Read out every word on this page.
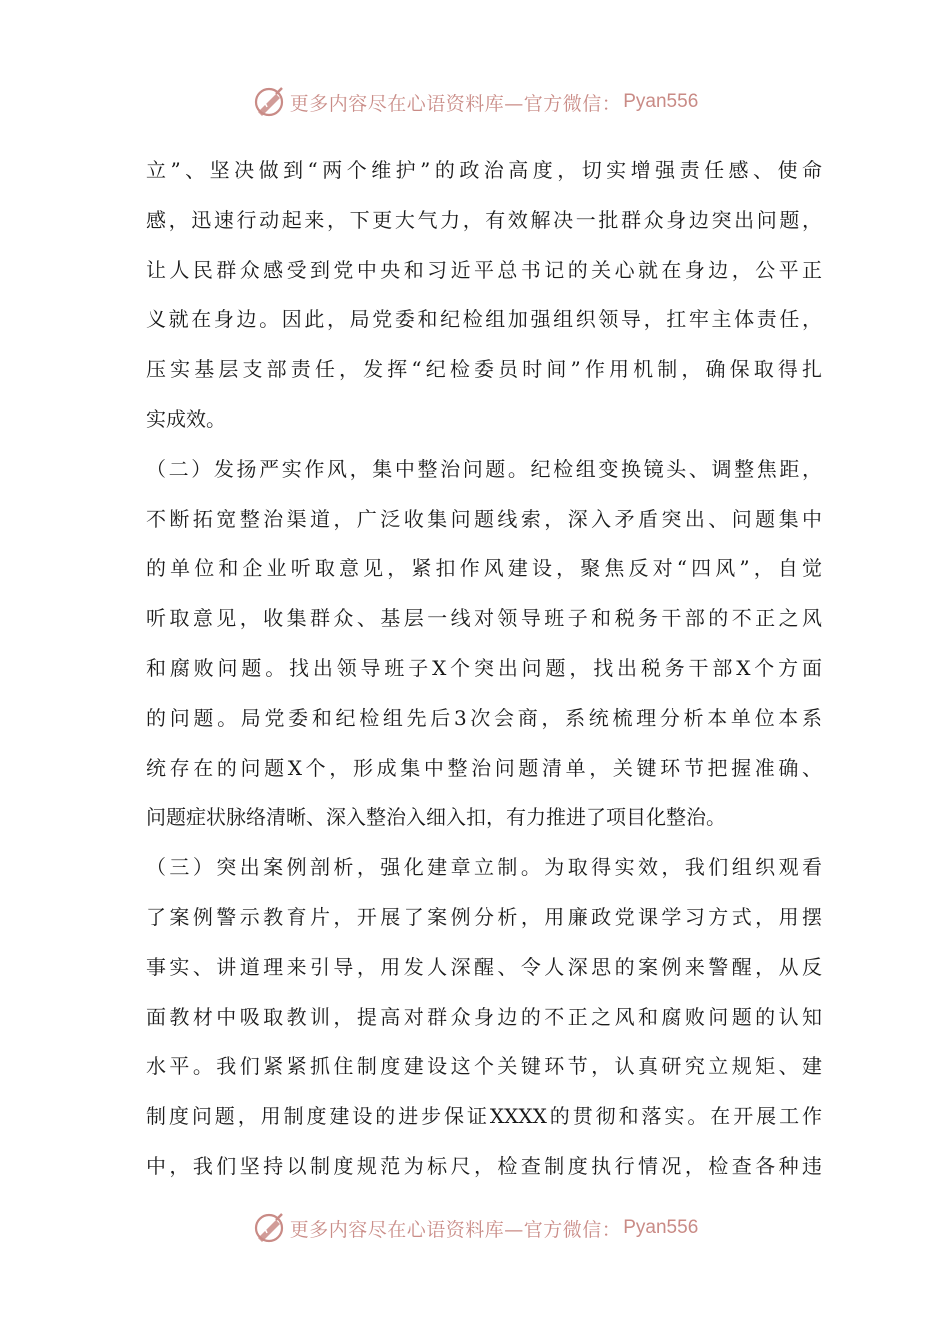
更多内容尽在心语资料库—官方微信： Pyan556
立”、坚决做到“两个维护”的政治高度，切实增强责任感、使命
感，迅速行动起来，下更大气力，有效解决一批群众身边突出问题，
让人民群众感受到党中央和习近平总书记的关心就在身边，公平正
义就在身边。因此，局党委和纪检组加强组织领导，扛牢主体责任，
压实基层支部责任，发挥“纪检委员时间”作用机制，确保取得扎
实成效。
（二）发扬严实作风，集中整治问题。纪检组变换镜头、调整焦距，
不断拓宽整治渠道，广泛收集问题线索，深入矛盾突出、问题集中
的单位和企业听取意见，紧扣作风建设，聚焦反对“四风”，自觉
听取意见，收集群众、基层一线对领导班子和税务干部的不正之风
和腐败问题。找出领导班子X个突出问题，找出税务干部X个方面
的问题。局党委和纪检组先后3次会商，系统梳理分析本单位本系
统存在的问题X个，形成集中整治问题清单，关键环节把握准确、
问题症状脉络清晰、深入整治入细入扣，有力推进了项目化整治。
（三）突出案例剖析，强化建章立制。为取得实效，我们组织观看
了案例警示教育片，开展了案例分析，用廉政党课学习方式，用摆
事实、讲道理来引导，用发人深醒、令人深思的案例来警醒，从反
面教材中吸取教训，提高对群众身边的不正之风和腐败问题的认知
水平。我们紧紧抓住制度建设这个关键环节，认真研究立规矩、建
制度问题，用制度建设的进步保证XXXX的贯彻和落实。在开展工作
中，我们坚持以制度规范为标尺，检查制度执行情况，检查各种违
更多内容尽在心语资料库—官方微信： Pyan556
